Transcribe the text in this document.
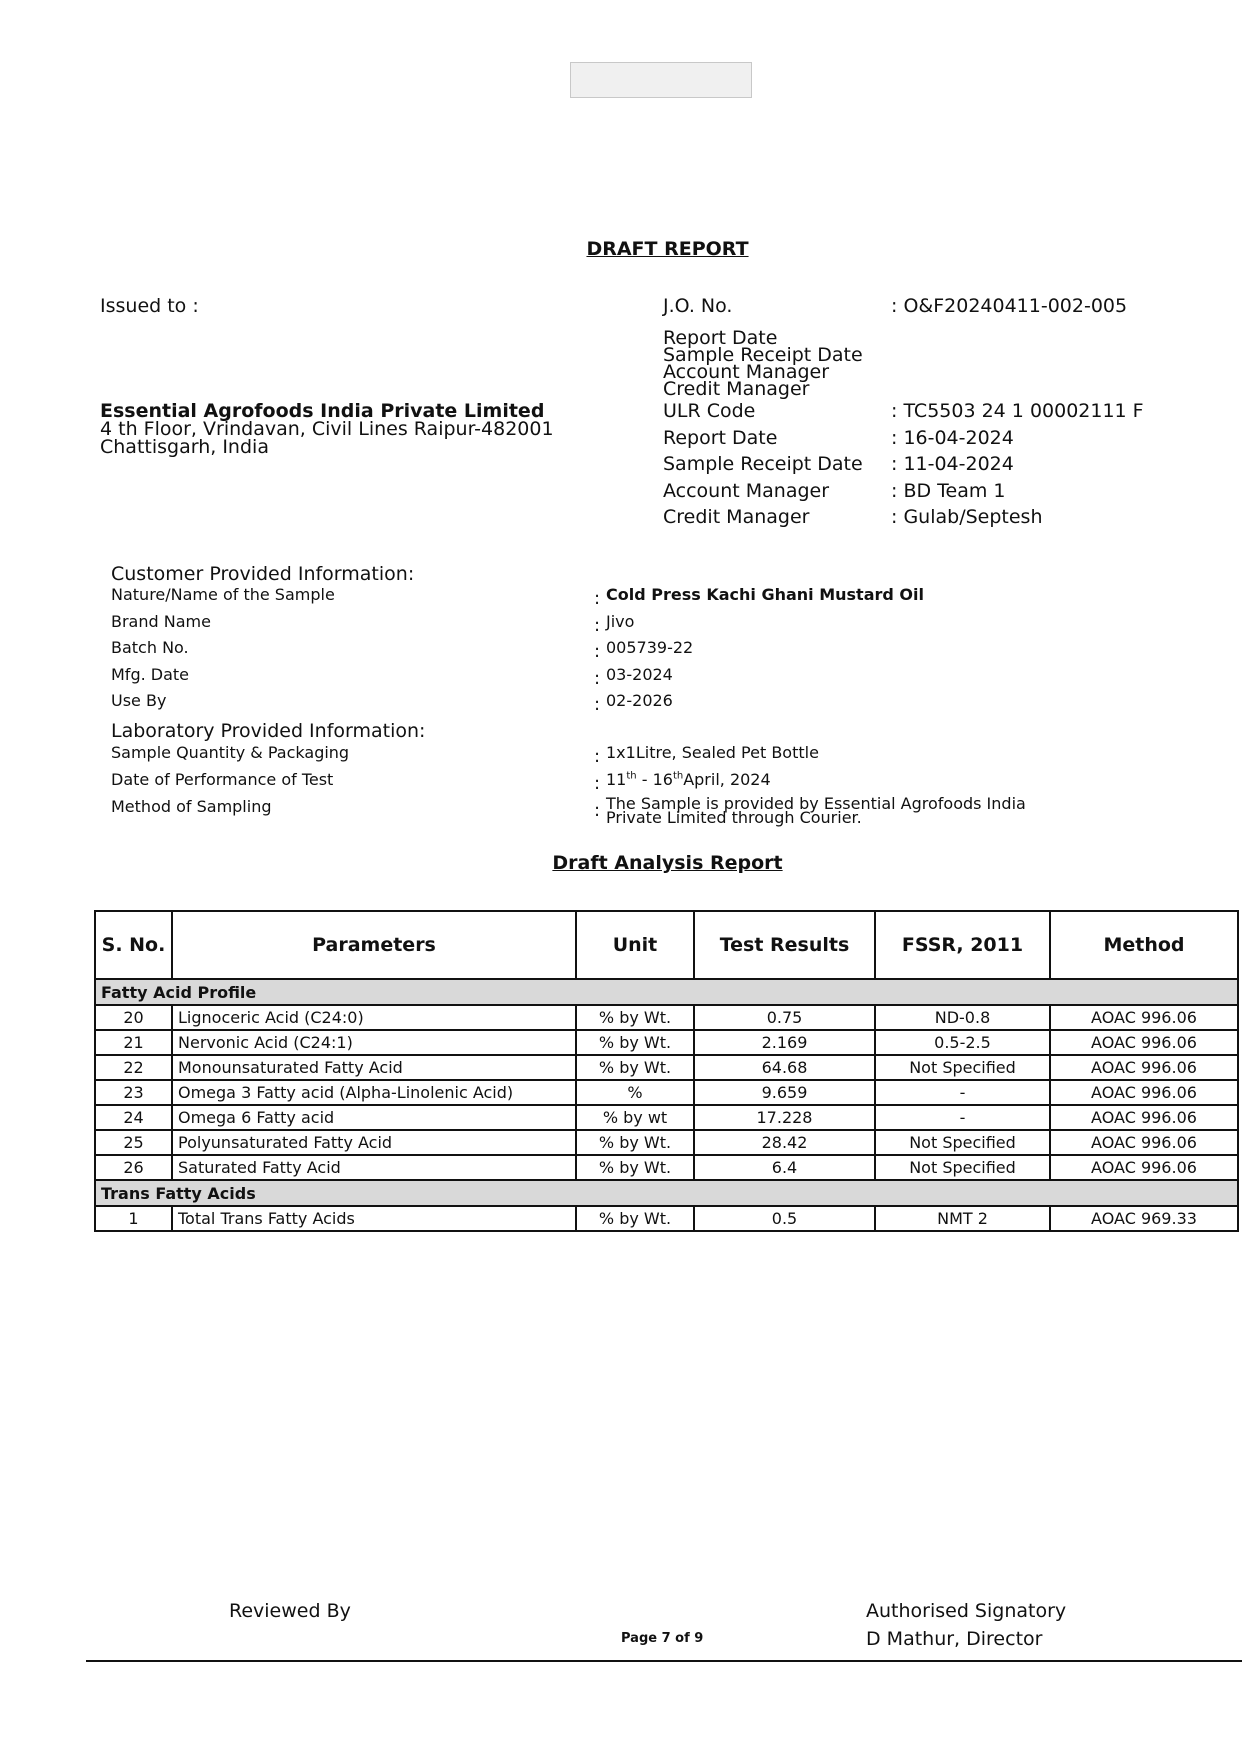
DRAFT REPORT
Issued to :
Essential Agrofoods India Private Limited
4 th Floor, Vrindavan, Civil Lines Raipur-482001
Chattisgarh, India
J.O. No.	: O&F20240411-002-005
Report Date
Sample Receipt Date
Account Manager
Credit Manager
ULR Code	: TC5503 24 1 00002111 F
Report Date	: 16-04-2024
Sample Receipt Date : 11-04-2024
Account Manager	: BD Team 1
Credit Manager	: Gulab/Septesh
Customer Provided Information:
Nature/Name of the Sample	: Cold Press Kachi Ghani Mustard Oil
Brand Name	: Jivo
Batch No.	: 005739-22
Mfg. Date	: 03-2024
Use By	: 02-2026
Laboratory Provided Information:
Sample Quantity & Packaging	: 1x1Litre, Sealed Pet Bottle
Date of Performance of Test	: 11th - 16thApril, 2024
Method of Sampling	: The Sample is provided by Essential Agrofoods India
Private Limited through Courier.
Draft Analysis Report
S. No.	Parameters	Unit	Test Results	FSSR, 2011	Method
Fatty Acid Profile					
20	Lignoceric Acid (C24:0)	% by Wt.	0.75	ND-0.8	AOAC 996.06
21	Nervonic Acid (C24:1)	% by Wt.	2.169	0.5-2.5	AOAC 996.06
22	Monounsaturated Fatty Acid	% by Wt.	64.68	Not Specified	AOAC 996.06
23	Omega 3 Fatty acid (Alpha-Linolenic Acid)	%	9.659	-	AOAC 996.06
24	Omega 6 Fatty acid	% by wt	17.228	-	AOAC 996.06
25	Polyunsaturated Fatty Acid	% by Wt.	28.42	Not Specified	AOAC 996.06
26	Saturated Fatty Acid	% by Wt.	6.4	Not Specified	AOAC 996.06
Trans Fatty Acids					
1	Total Trans Fatty Acids	% by Wt.	0.5	NMT 2	AOAC 969.33
Reviewed By	Authorised Signatory
Page 7 of 9	D Mathur, Director
